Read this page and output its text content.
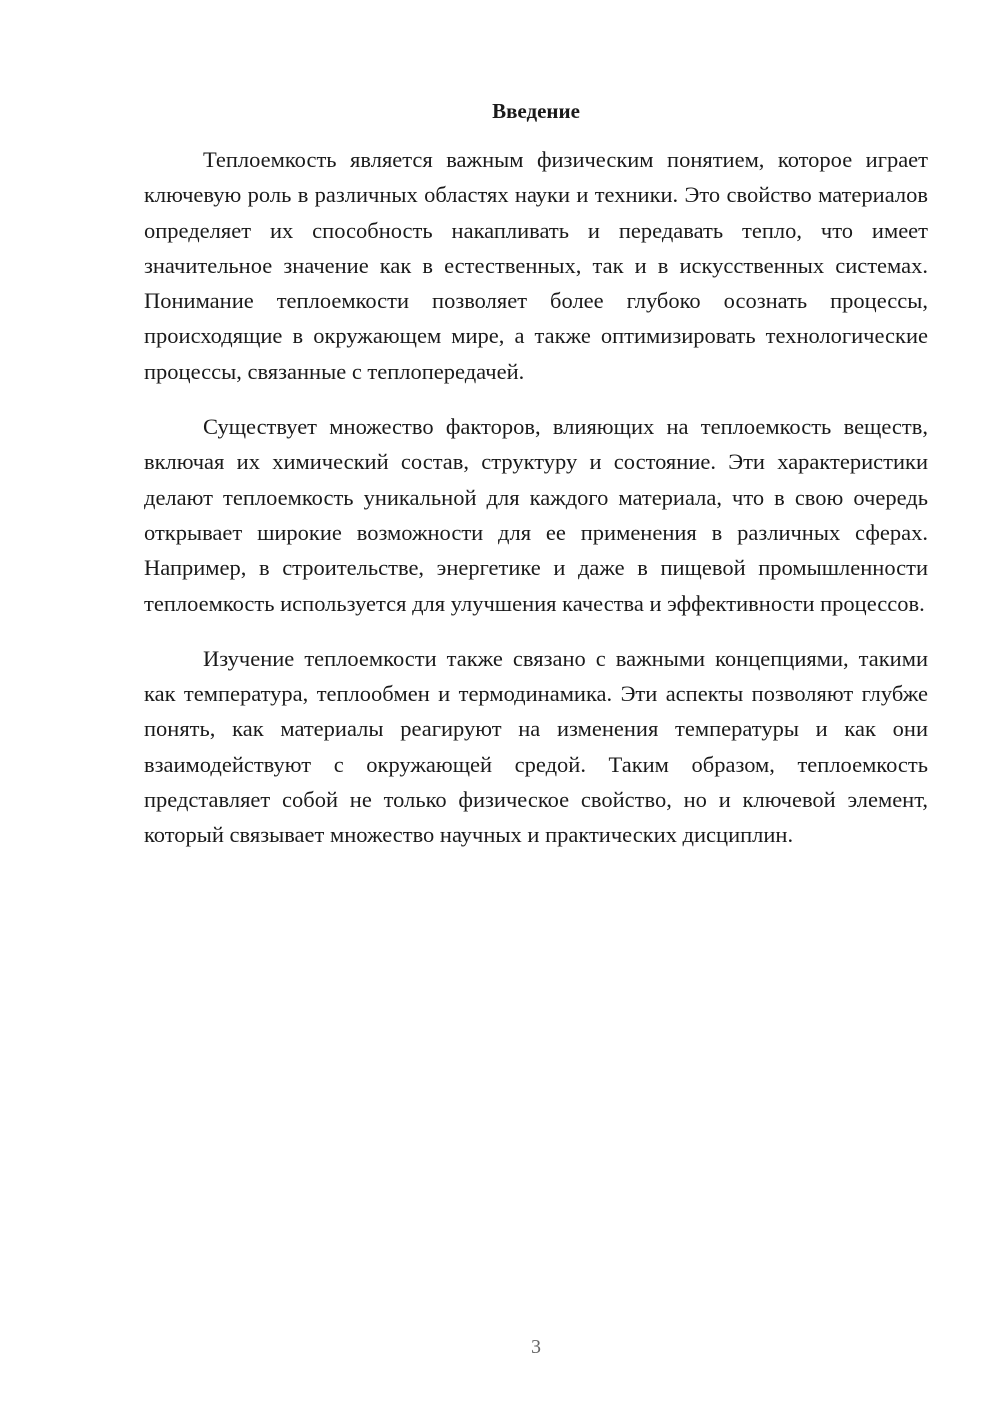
Введение

Теплоемкость является важным физическим понятием, которое играет ключевую роль в различных областях науки и техники. Это свойство материалов определяет их способность накапливать и передавать тепло, что имеет значительное значение как в естественных, так и в искусственных системах. Понимание теплоемкости позволяет более глубоко осознать процессы, происходящие в окружающем мире, а также оптимизировать технологические процессы, связанные с теплопередачей.

Существует множество факторов, влияющих на теплоемкость веществ, включая их химический состав, структуру и состояние. Эти характеристики делают теплоемкость уникальной для каждого материала, что в свою очередь открывает широкие возможности для ее применения в различных сферах. Например, в строительстве, энергетике и даже в пищевой промышленности теплоемкость используется для улучшения качества и эффективности процессов.

Изучение теплоемкости также связано с важными концепциями, такими как температура, теплообмен и термодинамика. Эти аспекты позволяют глубже понять, как материалы реагируют на изменения температуры и как они взаимодействуют с окружающей средой. Таким образом, теплоемкость представляет собой не только физическое свойство, но и ключевой элемент, который связывает множество научных и практических дисциплин.

3
